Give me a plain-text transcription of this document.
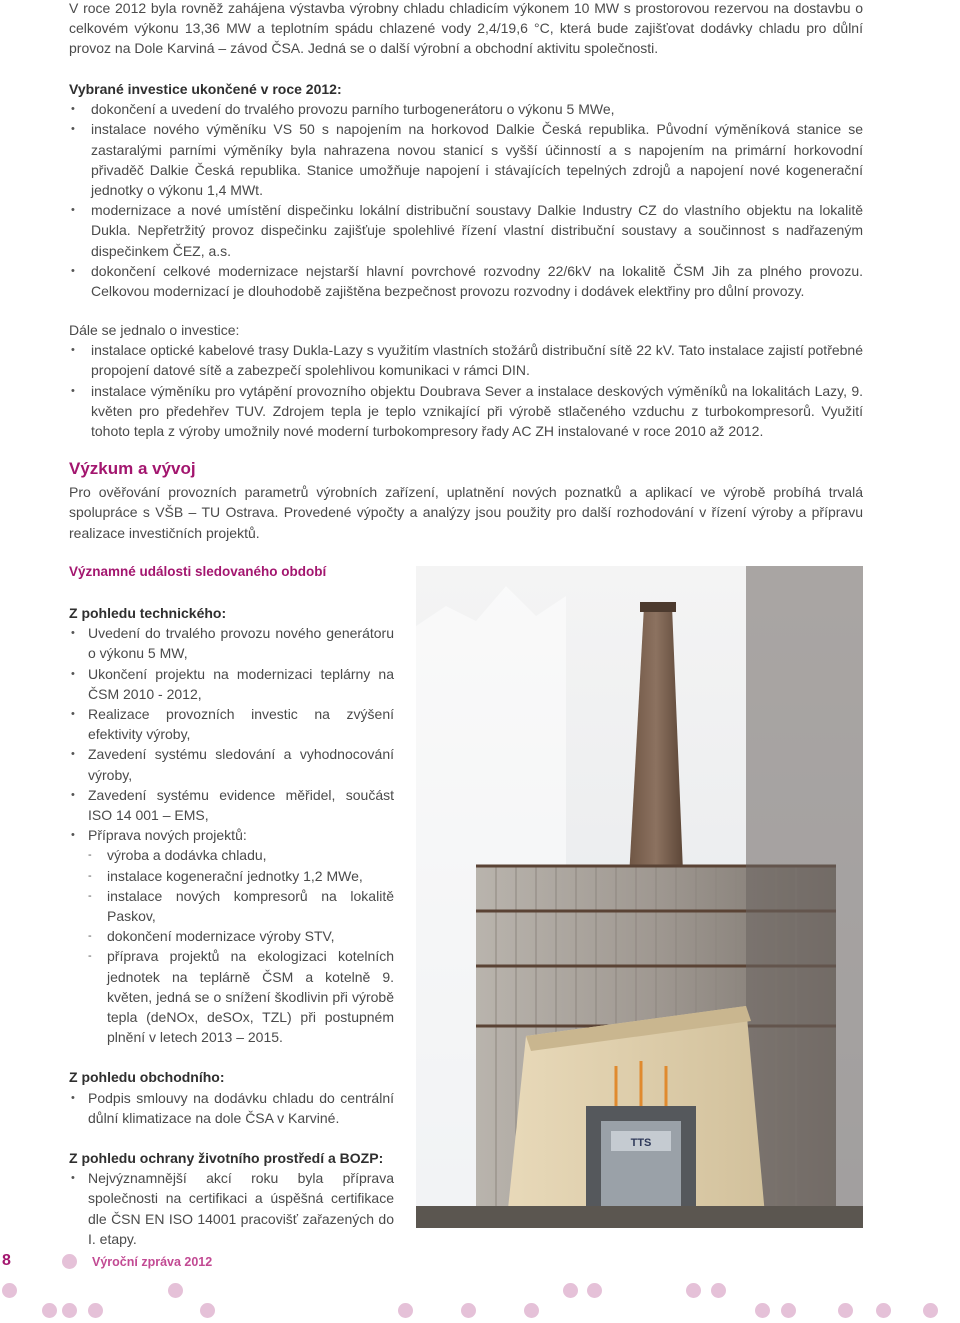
V roce 2012 byla rovněž zahájena výstavba výrobny chladu chladicím výkonem 10 MW s prostorovou rezervou na dostavbu o celkovém výkonu 13,36 MW a teplotním spádu chlazené vody 2,4/19,6 °C, která bude zajišťovat dodávky chladu pro důlní provoz na Dole Karviná – závod ČSA. Jedná se o další výrobní a obchodní aktivitu společnosti.

Vybrané investice ukončené v roce 2012:
• dokončení a uvedení do trvalého provozu parního turbogenerátoru o výkonu 5 MWe,
• instalace nového výměníku VS 50 s napojením na horkovod Dalkie Česká republika. Původní výměníková stanice se zastaralými parními výměníky byla nahrazena novou stanicí s vyšší účinností a s napojením na primární horkovodní přivaděč Dalkie Česká republika. Stanice umožňuje napojení i stávajících tepelných zdrojů a napojení nové kogenerační jednotky o výkonu 1,4 MWt.
• modernizace a nové umístění dispečinku lokální distribuční soustavy Dalkie Industry CZ do vlastního objektu na lokalitě Dukla. Nepřetržitý provoz dispečinku zajišťuje spolehlivé řízení vlastní distribuční soustavy a součinnost s nadřazeným dispečinkem ČEZ, a.s.
• dokončení celkové modernizace nejstarší hlavní povrchové rozvodny 22/6kV na lokalitě ČSM Jih za plného provozu. Celkovou modernizací je dlouhodobě zajištěna bezpečnost provozu rozvodny i dodávek elektřiny pro důlní provozy.
Dále se jednalo o investice:
• instalace optické kabelové trasy Dukla-Lazy s využitím vlastních stožárů distribuční sítě 22 kV. Tato instalace zajistí potřebné propojení datové sítě a zabezpečí spolehlivou komunikaci v rámci DIN.
• instalace výměníku pro vytápění provozního objektu Doubrava Sever a instalace deskových výměníků na lokalitách Lazy, 9. květen pro předehřev TUV. Zdrojem tepla je teplo vznikající při výrobě stlačeného vzduchu z turbokompresorů. Využití tohoto tepla z výroby umožnily nové moderní turbokompresory řady AC ZH instalované v roce 2010 až 2012.
Výzkum a vývoj

Pro ověřování provozních parametrů výrobních zařízení, uplatnění nových poznatků a aplikací ve výrobě probíhá trvalá spolupráce s VŠB – TU Ostrava. Provedené výpočty a analýzy jsou použity pro další rozhodování v řízení výroby a přípravu realizace investičních projektů.

Významné události sledovaného období
Z pohledu technického:
• Uvedení do trvalého provozu nového generátoru o výkonu 5 MW,
• Ukončení projektu na modernizaci teplárny na ČSM 2010 - 2012,
• Realizace provozních investic na zvýšení efektivity výroby,
• Zavedení systému sledování a vyhodnocování výroby,
• Zavedení systému evidence měřidel, součást ISO 14 001 – EMS,
• Příprava nových projektů:
- výroba a dodávka chladu,
- instalace kogenerační jednotky 1,2 MWe,
- instalace nových kompresorů na lokalitě Paskov,
- dokončení modernizace výroby STV,
- příprava projektů na ekologizaci kotelních jednotek na teplárně ČSM a kotelně 9. květen, jedná se o snížení škodlivin při výrobě tepla (deNOx, deSOx, TZL) při postupném plnění v letech 2013 – 2015.
Z pohledu obchodního:
• Podpis smlouvy na dodávku chladu do centrální důlní klimatizace na dole ČSA v Karviné.
Z pohledu ochrany životního prostředí a BOZP:
• Nejvýznamnější akcí roku byla příprava společnosti na certifikaci a úspěšná certifikace dle ČSN EN ISO 14001 pracovišť zařazených do I. etapy.
TTS
8	Výroční zpráva 2012
